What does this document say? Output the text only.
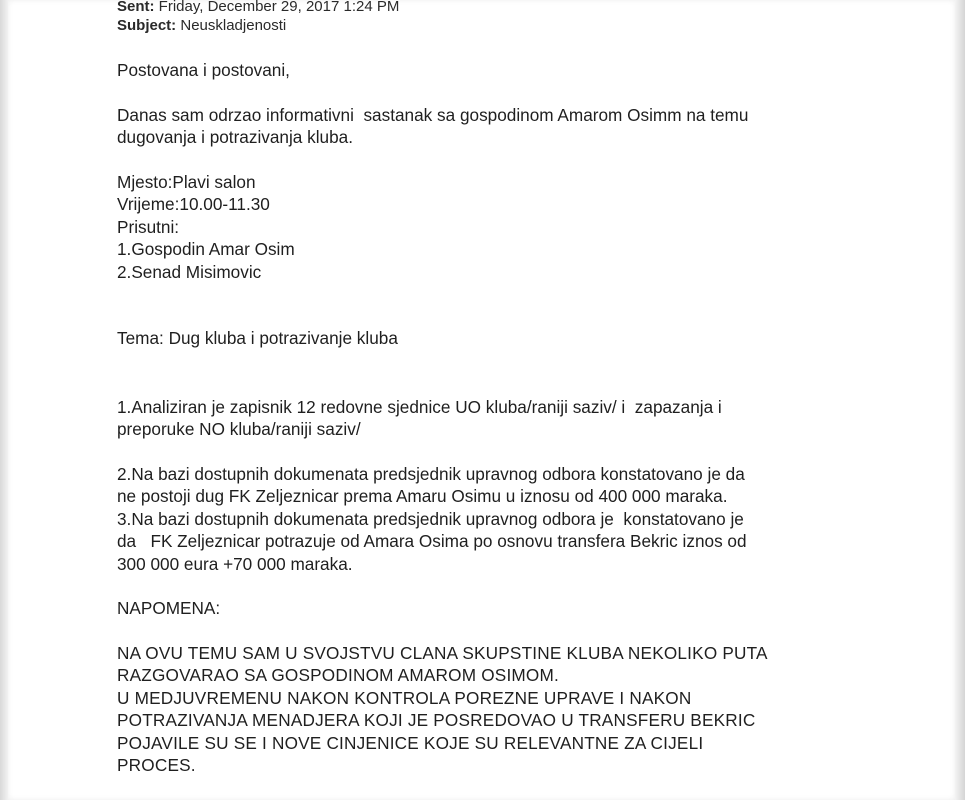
Sent: Friday, December 29, 2017 1:24 PM
Subject: Neuskladjenosti

Postovana i postovani,

Danas sam odrzao informativni  sastanak sa gospodinom Amarom Osimm na temu

dugovanja i potrazivanja kluba.

Mjesto:Plavi salon

Vrijeme:10.00-11.30

Prisutni:

1.Gospodin Amar Osim

2.Senad Misimovic

Tema: Dug kluba i potrazivanje kluba

1.Analiziran je zapisnik 12 redovne sjednice UO kluba/raniji saziv/ i  zapazanja i

preporuke NO kluba/raniji saziv/

2.Na bazi dostupnih dokumenata predsjednik upravnog odbora konstatovano je da

ne postoji dug FK Zeljeznicar prema Amaru Osimu u iznosu od 400 000 maraka.

3.Na bazi dostupnih dokumenata predsjednik upravnog odbora je  konstatovano je

da   FK Zeljeznicar potrazuje od Amara Osima po osnovu transfera Bekric iznos od

300 000 eura +70 000 maraka.

NAPOMENA:

NA OVU TEMU SAM U SVOJSTVU CLANA SKUPSTINE KLUBA NEKOLIKO PUTA

RAZGOVARAO SA GOSPODINOM AMAROM OSIMOM.

U MEDJUVREMENU NAKON KONTROLA POREZNE UPRAVE I NAKON

POTRAZIVANJA MENADJERA KOJI JE POSREDOVAO U TRANSFERU BEKRIC

POJAVILE SU SE I NOVE CINJENICE KOJE SU RELEVANTNE ZA CIJELI

PROCES.
